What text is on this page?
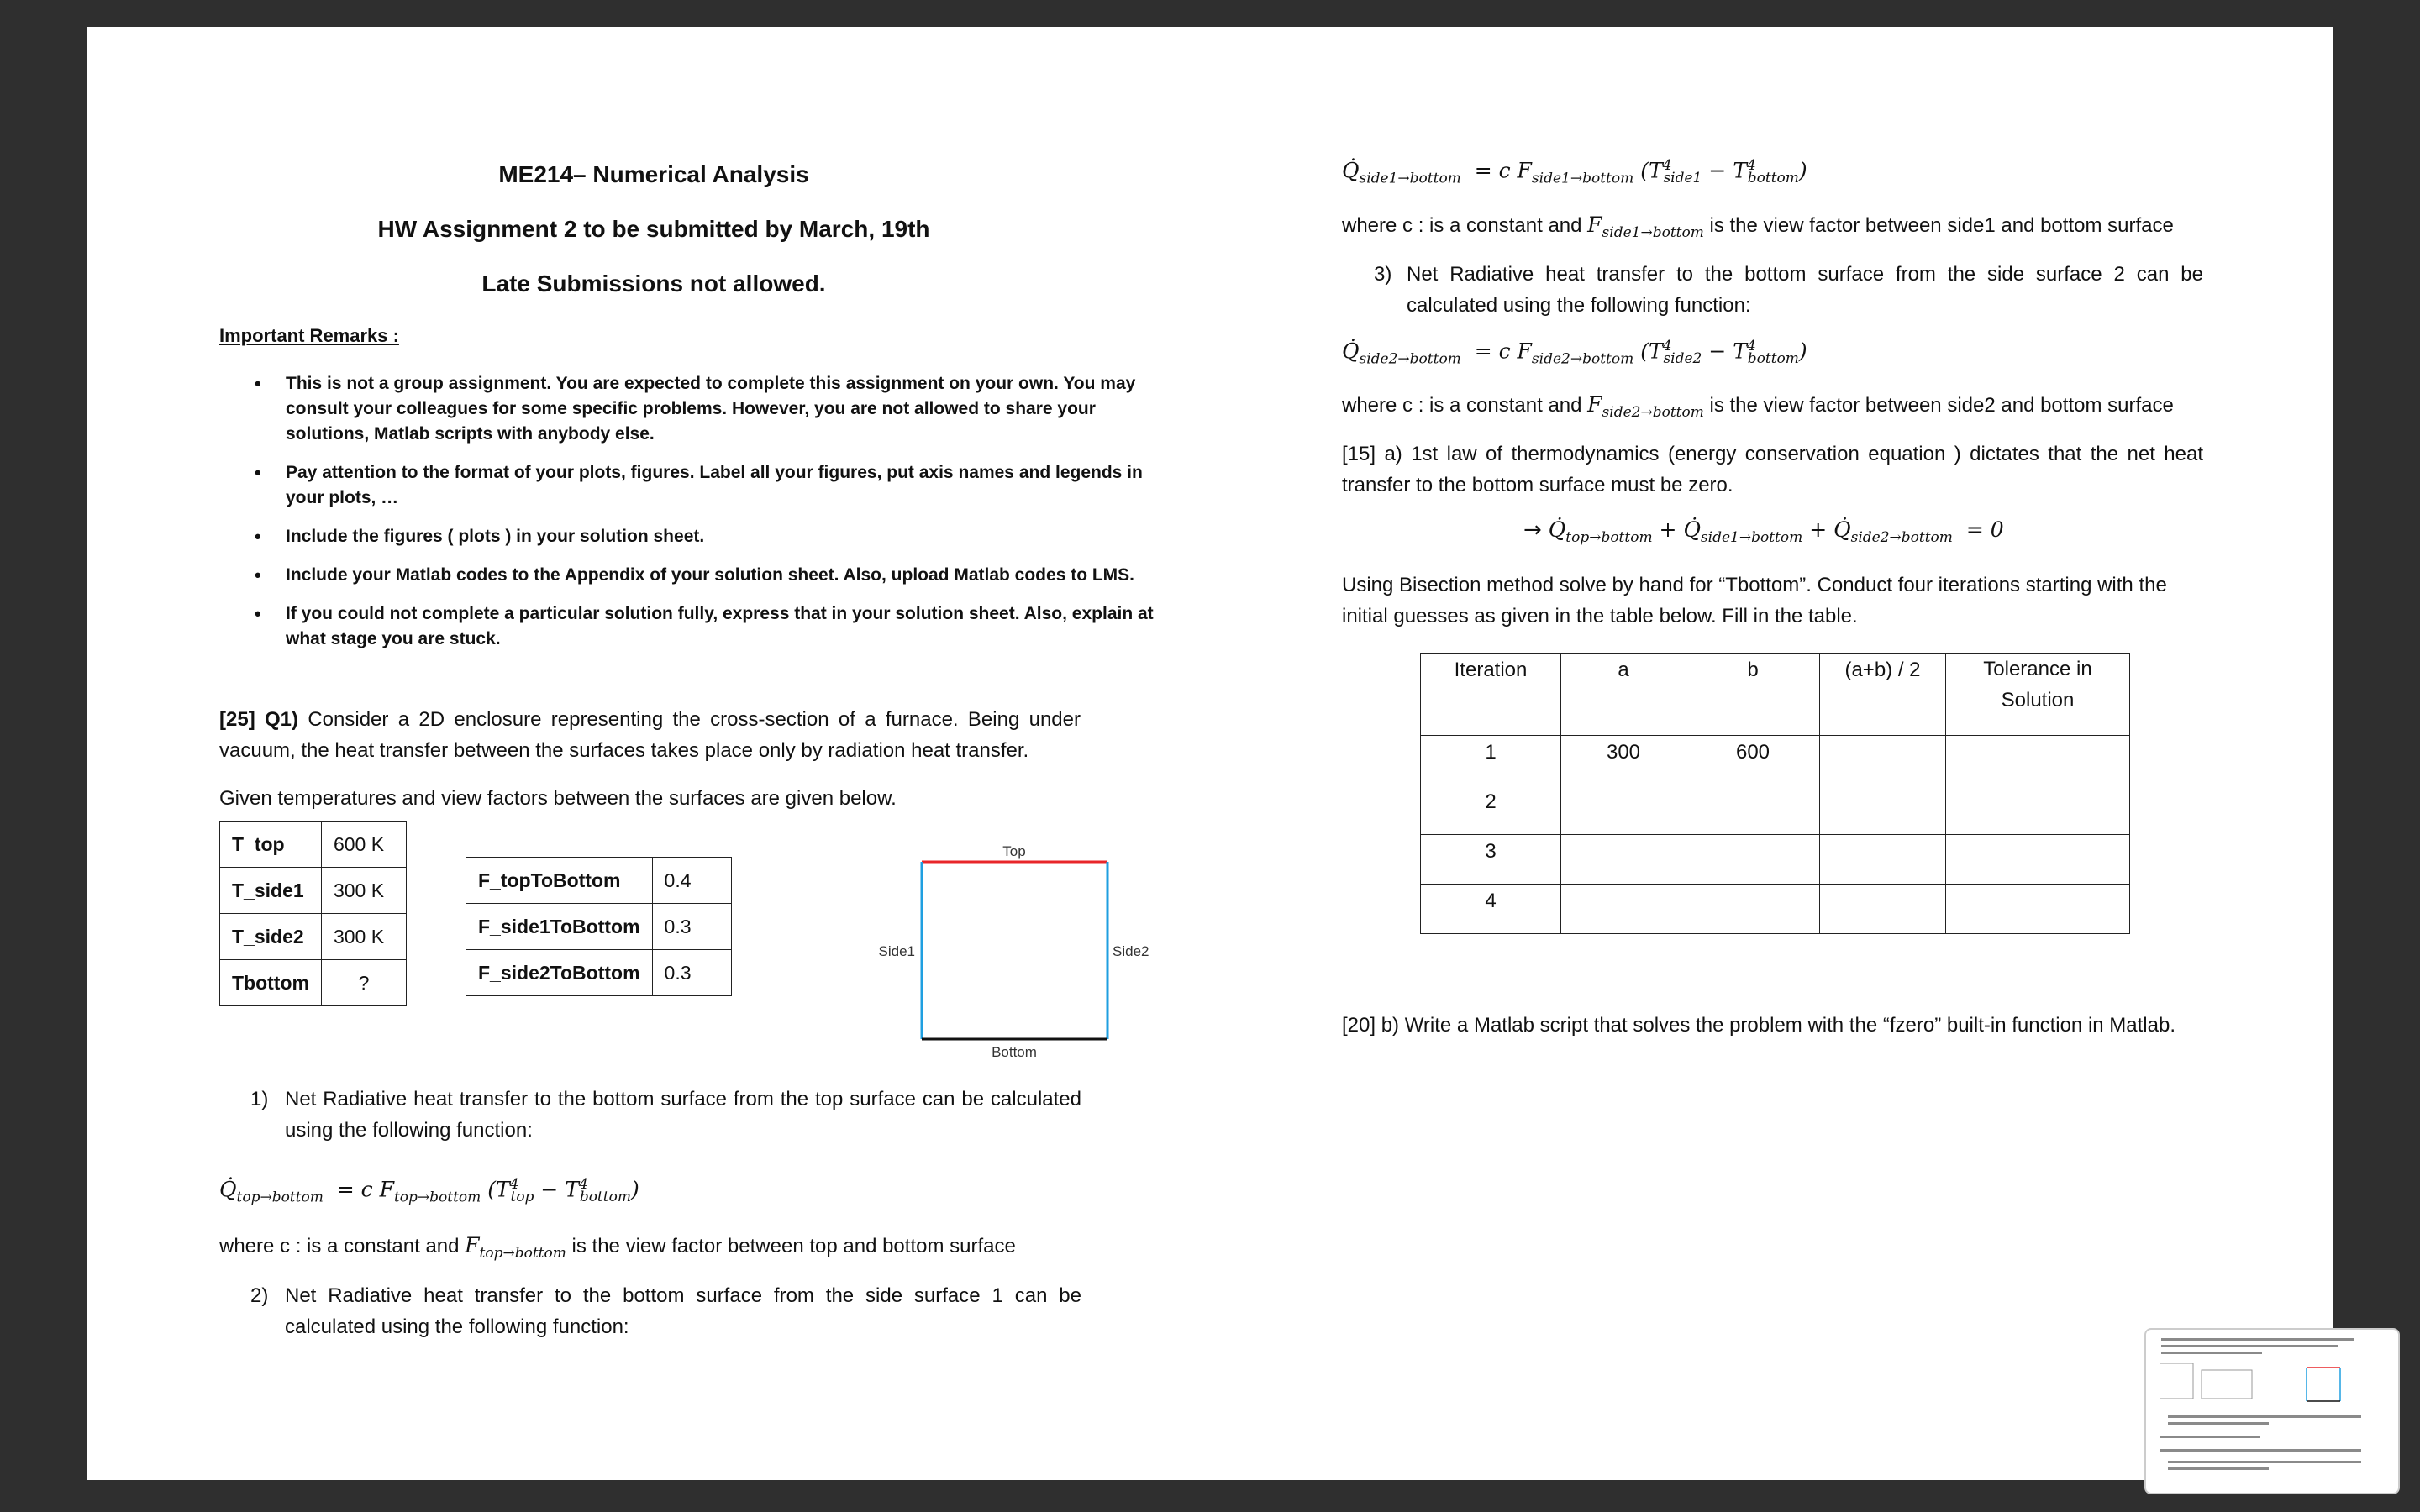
ME214– Numerical Analysis
HW Assignment 2 to be submitted by March, 19th
Late Submissions not allowed.
Important Remarks :
• This is not a group assignment. You are expected to complete this assignment on your own. You may consult your colleagues for some specific problems. However, you are not allowed to share your solutions, Matlab scripts with anybody else.
• Pay attention to the format of your plots, figures. Label all your figures, put axis names and legends in your plots, …
• Include the figures ( plots ) in your solution sheet.
• Include your Matlab codes to the Appendix of your solution sheet. Also, upload Matlab codes to LMS.
• If you could not complete a particular solution fully, express that in your solution sheet. Also, explain at what stage you are stuck.
[25] Q1) Consider a 2D enclosure representing the cross-section of a furnace. Being under vacuum, the heat transfer between the surfaces takes place only by radiation heat transfer.
Given temperatures and view factors between the surfaces are given below.
T_top	600 K
T_side1	300 K
T_side2	300 K
Tbottom	?
F_topToBottom	0.4
F_side1ToBottom	0.3
F_side2ToBottom	0.3
Top
Side1	Side2
Bottom
1) Net Radiative heat transfer to the bottom surface from the top surface can be calculated using the following function:
$Q̇_{top\to bottom} = c$ $F_{top\to bottom}$ $(T^4_{top} - T^4_{bottom})$
where c : is a constant and $F_{top\to bottom}$ is the view factor between top and bottom surface
2) Net Radiative heat transfer to the bottom surface from the side surface 1 can be calculated using the following function:
$Q̇_{side1\to bottom} = c$ $F_{side1\to bottom}$ $(T^4_{side1} - T^4_{bottom})$
where c : is a constant and $F_{side1\to bottom}$ is the view factor between side1 and bottom surface
3) Net Radiative heat transfer to the bottom surface from the side surface 2 can be calculated using the following function:
$Q̇_{side2\to bottom} = c$ $F_{side2\to bottom}$ $(T^4_{side2} - T^4_{bottom})$
where c : is a constant and $F_{side2\to bottom}$ is the view factor between side2 and bottom surface
[15] a) 1st law of thermodynamics (energy conservation equation ) dictates that the net heat transfer to the bottom surface must be zero.
→ $Q̇_{top\to bottom}$ + $Q̇_{side1\to bottom}$ + $Q̇_{side2\to bottom} = 0$
Using Bisection method solve by hand for “Tbottom”. Conduct four iterations starting with the initial guesses as given in the table below. Fill in the table.
Iteration	a	b	(a+b) / 2	Tolerance in Solution
1	300	600		
2				
3				
4				
[20] b) Write a Matlab script that solves the problem with the “fzero” built-in function in Matlab.
